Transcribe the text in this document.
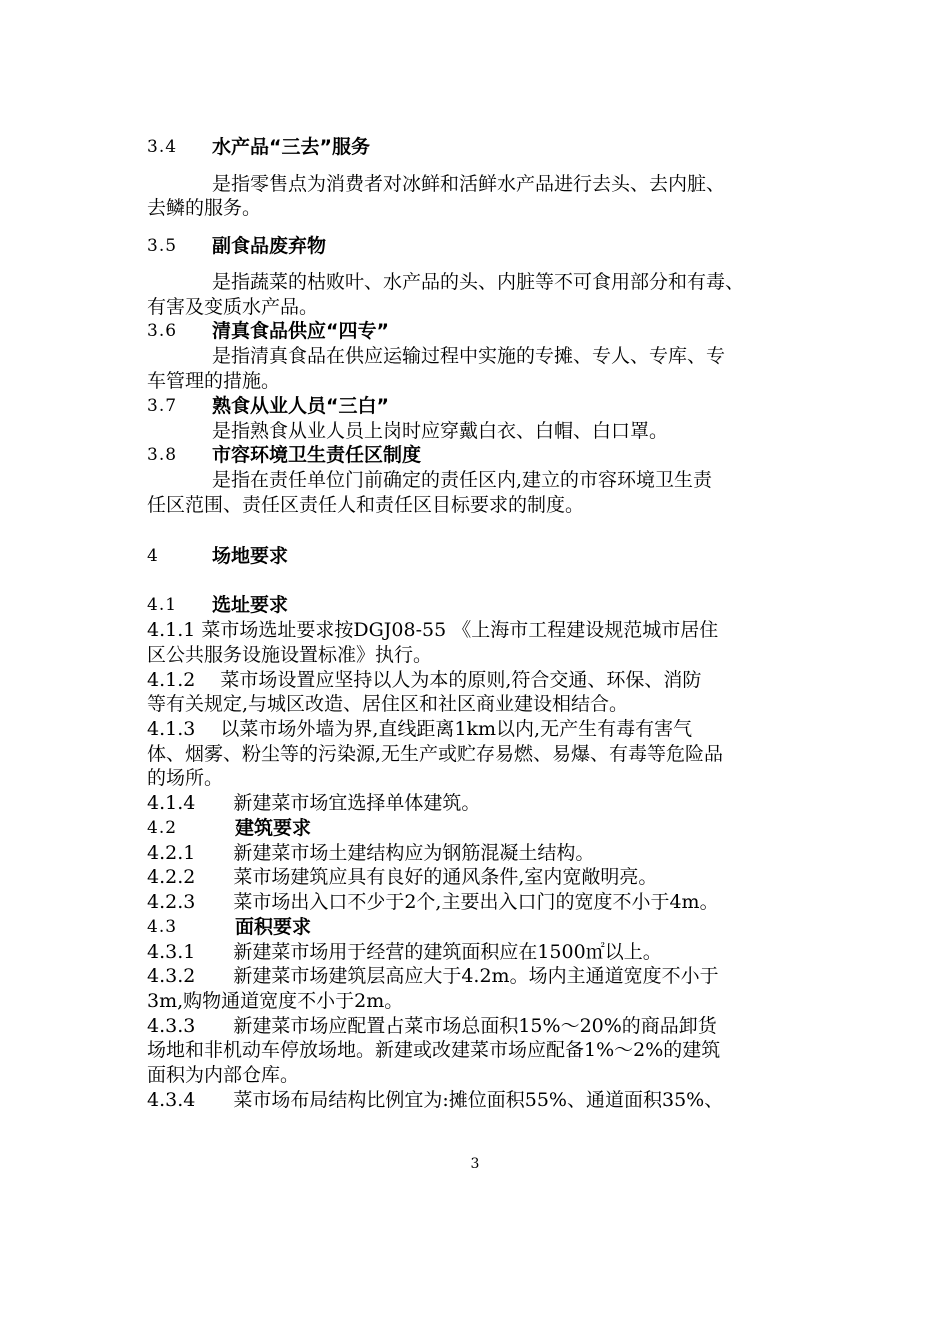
3.4 水产品“三去”服务
是指零售点为消费者对冰鲜和活鲜水产品进行去头、去内脏、
去鳞的服务。
3.5 副食品废弃物
是指蔬菜的枯败叶、水产品的头、内脏等不可食用部分和有毒、
有害及变质水产品。
3.6 清真食品供应“四专”
是指清真食品在供应运输过程中实施的专摊、专人、专库、专
车管理的措施。
3.7 熟食从业人员“三白”
是指熟食从业人员上岗时应穿戴白衣、白帽、白口罩。
3.8 市容环境卫生责任区制度
是指在责任单位门前确定的责任区内,建立的市容环境卫生责
任区范围、责任区责任人和责任区目标要求的制度。
4	场地要求
4.1 选址要求
4.1.1 菜市场选址要求按DGJ08-55 《上海市工程建设规范城市居住
区公共服务设施设置标准》执行。
4.1.2　 菜市场设置应坚持以人为本的原则,符合交通、环保、消防
等有关规定,与城区改造、居住区和社区商业建设相结合。
4.1.3　 以菜市场外墙为界,直线距离1km以内,无产生有毒有害气
体、烟雾、粉尘等的污染源,无生产或贮存易燃、易爆、有毒等危险品
的场所。
4.1.4　　新建菜市场宜选择单体建筑。
4.2	建筑要求
4.2.1　　新建菜市场土建结构应为钢筋混凝土结构。
4.2.2　　菜市场建筑应具有良好的通风条件,室内宽敞明亮。
4.2.3　　菜市场出入口不少于2个,主要出入口门的宽度不小于4m。
4.3	面积要求
4.3.1　　新建菜市场用于经营的建筑面积应在1500㎡以上。
4.3.2　　新建菜市场建筑层高应大于4.2m。场内主通道宽度不小于
3m,购物通道宽度不小于2m。
4.3.3　　新建菜市场应配置占菜市场总面积15%～20%的商品卸货
场地和非机动车停放场地。新建或改建菜市场应配备1%～2%的建筑
面积为内部仓库。
4.3.4　　菜市场布局结构比例宜为:摊位面积55%、通道面积35%、
3
